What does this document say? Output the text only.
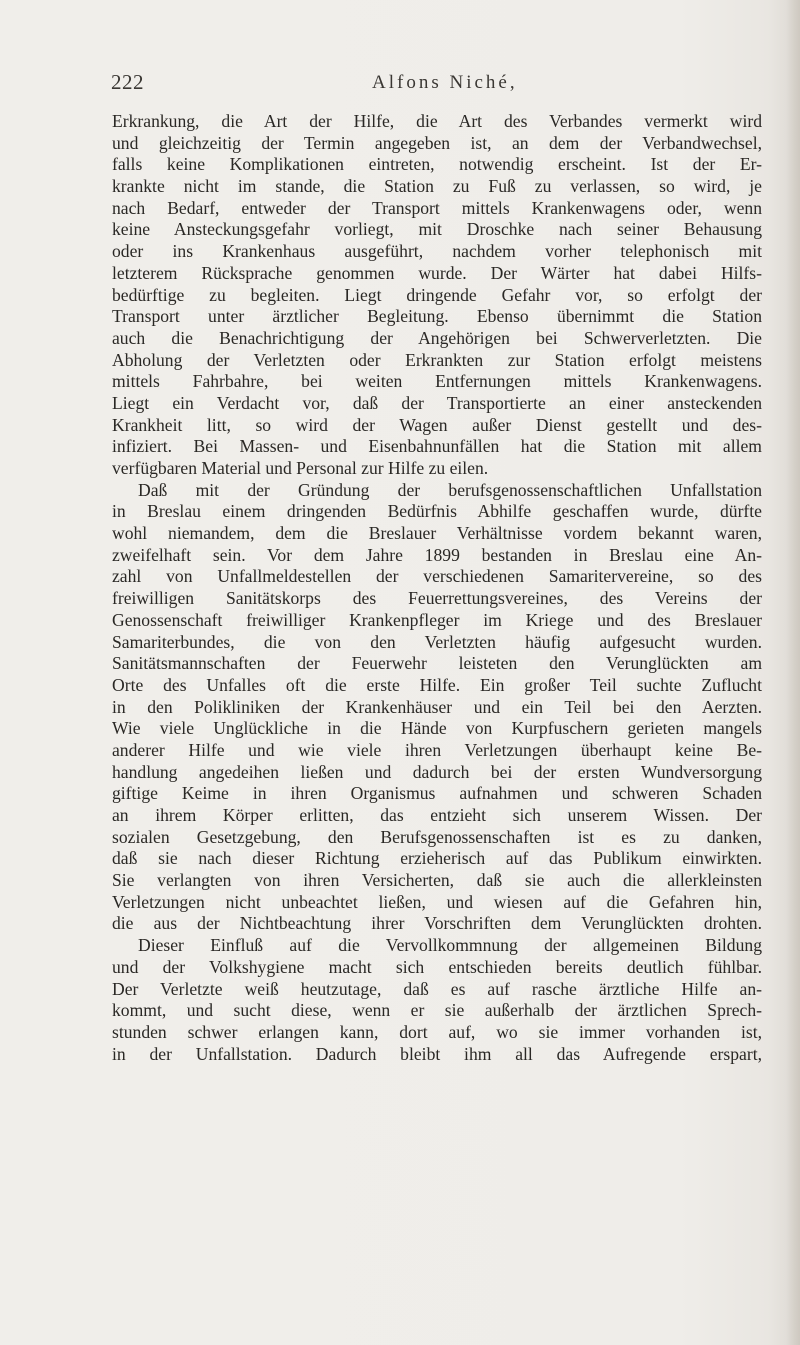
222	Alfons Niché,
Erkrankung, die Art der Hilfe, die Art des Verbandes vermerkt wird
und gleichzeitig der Termin angegeben ist, an dem der Verbandwechsel,
falls keine Komplikationen eintreten, notwendig erscheint. Ist der Er-
krankte nicht im stande, die Station zu Fuß zu verlassen, so wird, je
nach Bedarf, entweder der Transport mittels Krankenwagens oder, wenn
keine Ansteckungsgefahr vorliegt, mit Droschke nach seiner Behausung
oder ins Krankenhaus ausgeführt, nachdem vorher telephonisch mit
letzterem Rücksprache genommen wurde. Der Wärter hat dabei Hilfs-
bedürftige zu begleiten. Liegt dringende Gefahr vor, so erfolgt der
Transport unter ärztlicher Begleitung. Ebenso übernimmt die Station
auch die Benachrichtigung der Angehörigen bei Schwerverletzten. Die
Abholung der Verletzten oder Erkrankten zur Station erfolgt meistens
mittels Fahrbahre, bei weiten Entfernungen mittels Krankenwagens.
Liegt ein Verdacht vor, daß der Transportierte an einer ansteckenden
Krankheit litt, so wird der Wagen außer Dienst gestellt und des-
infiziert. Bei Massen- und Eisenbahnunfällen hat die Station mit allem
verfügbaren Material und Personal zur Hilfe zu eilen.
Daß mit der Gründung der berufsgenossenschaftlichen Unfallstation
in Breslau einem dringenden Bedürfnis Abhilfe geschaffen wurde, dürfte
wohl niemandem, dem die Breslauer Verhältnisse vordem bekannt waren,
zweifelhaft sein. Vor dem Jahre 1899 bestanden in Breslau eine An-
zahl von Unfallmeldestellen der verschiedenen Samaritervereine, so des
freiwilligen Sanitätskorps des Feuerrettungsvereines, des Vereins der
Genossenschaft freiwilliger Krankenpfleger im Kriege und des Breslauer
Samariterbundes, die von den Verletzten häufig aufgesucht wurden.
Sanitätsmannschaften der Feuerwehr leisteten den Verunglückten am
Orte des Unfalles oft die erste Hilfe. Ein großer Teil suchte Zuflucht
in den Polikliniken der Krankenhäuser und ein Teil bei den Aerzten.
Wie viele Unglückliche in die Hände von Kurpfuschern gerieten mangels
anderer Hilfe und wie viele ihren Verletzungen überhaupt keine Be-
handlung angedeihen ließen und dadurch bei der ersten Wundversorgung
giftige Keime in ihren Organismus aufnahmen und schweren Schaden
an ihrem Körper erlitten, das entzieht sich unserem Wissen. Der
sozialen Gesetzgebung, den Berufsgenossenschaften ist es zu danken,
daß sie nach dieser Richtung erzieherisch auf das Publikum einwirkten.
Sie verlangten von ihren Versicherten, daß sie auch die allerkleinsten
Verletzungen nicht unbeachtet ließen, und wiesen auf die Gefahren hin,
die aus der Nichtbeachtung ihrer Vorschriften dem Verunglückten drohten.
Dieser Einfluß auf die Vervollkommnung der allgemeinen Bildung
und der Volkshygiene macht sich entschieden bereits deutlich fühlbar.
Der Verletzte weiß heutzutage, daß es auf rasche ärztliche Hilfe an-
kommt, und sucht diese, wenn er sie außerhalb der ärztlichen Sprech-
stunden schwer erlangen kann, dort auf, wo sie immer vorhanden ist,
in der Unfallstation. Dadurch bleibt ihm all das Aufregende erspart,
